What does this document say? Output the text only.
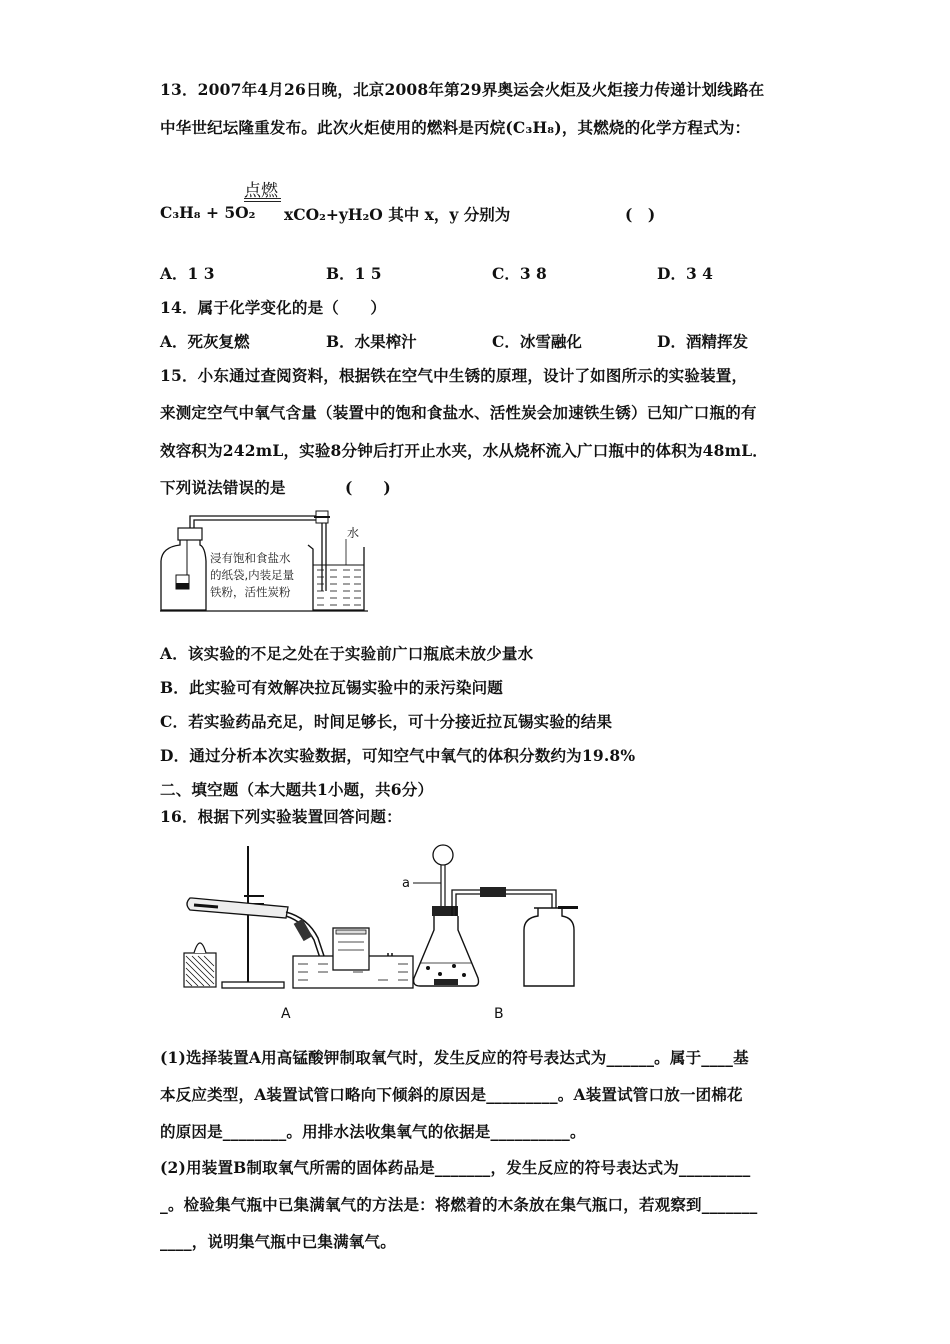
13．2007年4月26日晚，北京2008年第29界奥运会火炬及火炬接力传递计划线路在
中华世纪坛隆重发布。此次火炬使用的燃料是丙烷(C₃H₈)，其燃烧的化学方程式为：
点燃
C₃H₈ + 5O₂ xCO₂+yH₂O 其中 x，y 分别为	(　)
A．1 3	B．1 5	C．3 8	D．3 4
14．属于化学变化的是（　　）
A．死灰复燃	B．水果榨汁	C．冰雪融化	D．酒精挥发
15．小东通过查阅资料，根据铁在空气中生锈的原理，设计了如图所示的实验装置，
来测定空气中氧气含量（装置中的饱和食盐水、活性炭会加速铁生锈）已知广口瓶的有
效容积为242mL，实验8分钟后打开止水夹，水从烧杯流入广口瓶中的体积为48mL．
下列说法错误的是	(　　)
水
浸有饱和食盐水
的纸袋,内装足量
铁粉，活性炭粉
A．该实验的不足之处在于实验前广口瓶底未放少量水
B．此实验可有效解决拉瓦锡实验中的汞污染问题
C．若实验药品充足，时间足够长，可十分接近拉瓦锡实验的结果
D．通过分析本次实验数据，可知空气中氧气的体积分数约为19.8%
二、填空题（本大题共1小题，共6分）
16．根据下列实验装置回答问题：
A
a
B
(1)选择装置A用高锰酸钾制取氧气时，发生反应的符号表达式为______。属于____基
本反应类型，A装置试管口略向下倾斜的原因是_________。A装置试管口放一团棉花
的原因是________。用排水法收集氧气的依据是__________。
(2)用装置B制取氧气所需的固体药品是_______，发生反应的符号表达式为_________
_。检验集气瓶中已集满氧气的方法是：将燃着的木条放在集气瓶口，若观察到_______
____，说明集气瓶中已集满氧气。
